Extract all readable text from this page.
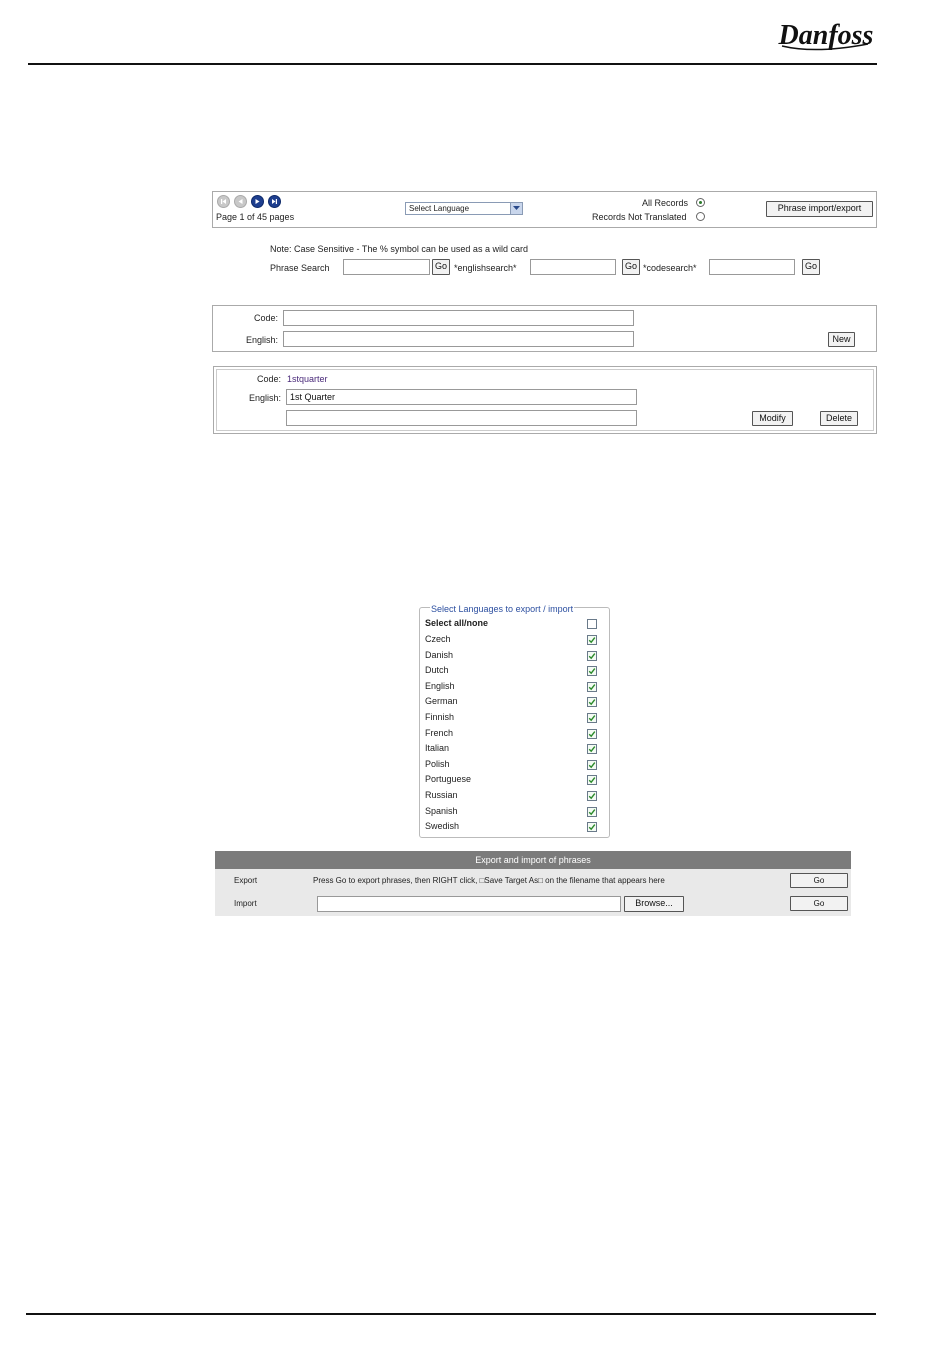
Danfoss
Page 1 of 45 pages
Select Language
All Records
Records Not Translated
Phrase import/export
Note: Case Sensitive - The % symbol can be used as a wild card
Phrase Search	Go *englishsearch*	Go *codesearch*	Go
Code:
English:	New
Code: 1stquarter
English:	1st Quarter
Modify	Delete
Select Languages to export / import
Select all/none
Czech
Danish
Dutch
English
German
Finnish
French
Italian
Polish
Portuguese
Russian
Spanish
Swedish
Export and import of phrases
Export	Press Go to export phrases, then RIGHT click, □Save Target As□ on the filename that appears here	Go
Import	Browse...	Go
